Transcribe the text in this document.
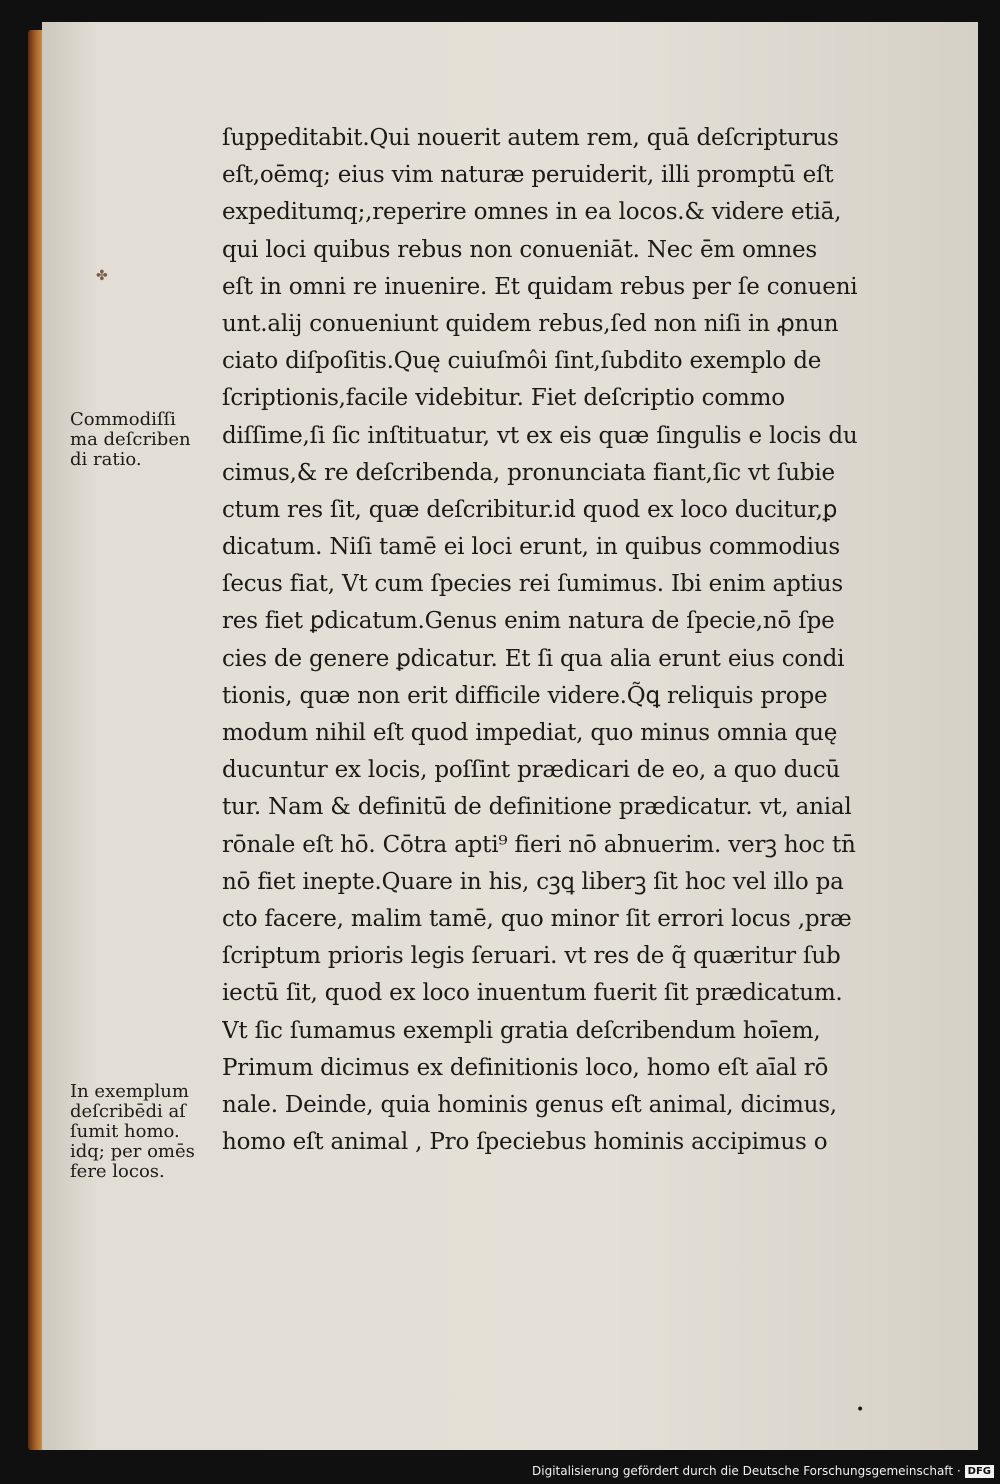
✤
ſuppeditabit.Qui nouerit autem rem, quā deſcripturus
eſt,oēmq; eius vim naturæ peruiderit, illi promptū eſt
expeditumq;,reperire omnes in ea locos.& videre etiā,
qui loci quibus rebus non conueniāt. Nec ēm omnes
eſt in omni re inuenire. Et quidam rebus per ſe conueni
unt.alij conueniunt quidem rebus,ſed non niſi in ꝓnun
ciato diſpoſitis.Quę cuiuſmôi ſint,ſubdito exemplo de
ſcriptionis,facile videbitur. Fiet deſcriptio commo
diſſime,ſi ſic inſtituatur, vt ex eis quæ ſingulis e locis du
cimus,& re deſcribenda, pronunciata fiant,ſic vt ſubie
ctum res ſit, quæ deſcribitur.id quod ex loco ducitur,ꝑ
dicatum. Niſi tamē ei loci erunt, in quibus commodius
ſecus fiat, Vt cum ſpecies rei ſumimus. Ibi enim aptius
res fiet ꝑdicatum.Genus enim natura de ſpecie,nō ſpe
cies de genere ꝑdicatur. Et ſi qua alia erunt eius condi
tionis, quæ non erit difficile videre.Q̃ꝗ reliquis prope
modum nihil eſt quod impediat, quo minus omnia quę
ducuntur ex locis, poſſint prædicari de eo, a quo ducū
tur. Nam & definitū de definitione prædicatur. vt, anial
rōnale eſt hō. Cōtra apti⁹ fieri nō abnuerim. verꝫ hoc tn̄
nō fiet inepte.Quare in his, cꝫꝗ liberꝫ ſit hoc vel illo pa
cto facere, malim tamē, quo minor ſit errori locus ,præ
ſcriptum prioris legis ſeruari. vt res de q̃ quæritur ſub
iectū ſit, quod ex loco inuentum fuerit ſit prædicatum.
Vt ſic ſumamus exempli gratia deſcribendum hoīem,
Primum dicimus ex definitionis loco, homo eſt aīal rō
nale. Deinde, quia hominis genus eſt animal, dicimus,
homo eſt animal , Pro ſpeciebus hominis accipimus o
Commodiſſi
ma deſcriben
di ratio.
In exemplum
deſcribēdi aſ
ſumit homo.
idq; per omēs
fere locos.
•
Digitalisierung gefördert durch die Deutsche Forschungsgemeinschaft · DFG
